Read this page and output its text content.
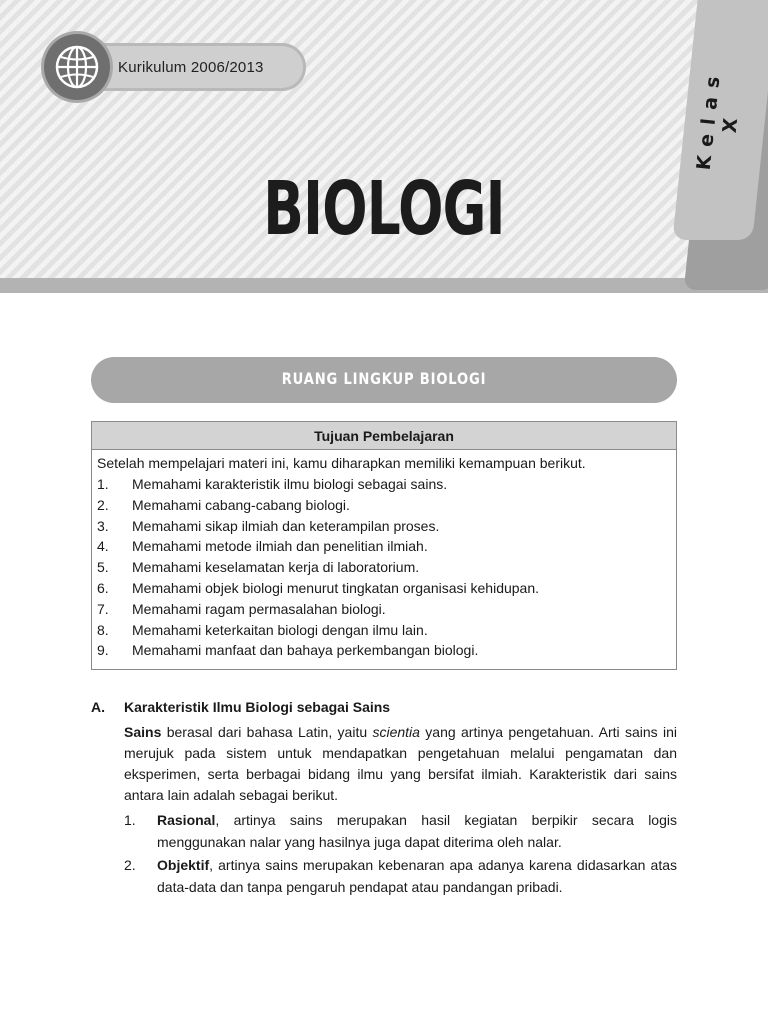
Kurikulum 2006/2013
BIOLOGI
Kelas X
RUANG LINGKUP BIOLOGI
Tujuan Pembelajaran
Setelah mempelajari materi ini, kamu diharapkan memiliki kemampuan berikut.
1. Memahami karakteristik ilmu biologi sebagai sains.
2. Memahami cabang-cabang biologi.
3. Memahami sikap ilmiah dan keterampilan proses.
4. Memahami metode ilmiah dan penelitian ilmiah.
5. Memahami keselamatan kerja di laboratorium.
6. Memahami objek biologi menurut tingkatan organisasi kehidupan.
7. Memahami ragam permasalahan biologi.
8. Memahami keterkaitan biologi dengan ilmu lain.
9. Memahami manfaat dan bahaya perkembangan biologi.
A. Karakteristik Ilmu Biologi sebagai Sains

Sains berasal dari bahasa Latin, yaitu scientia yang artinya pengetahuan. Arti sains ini merujuk pada sistem untuk mendapatkan pengetahuan melalui pengamatan dan eksperimen, serta berbagai bidang ilmu yang bersifat ilmiah. Karakteristik dari sains antara lain adalah sebagai berikut.

1. Rasional, artinya sains merupakan hasil kegiatan berpikir secara logis menggunakan nalar yang hasilnya juga dapat diterima oleh nalar.
2. Objektif, artinya sains merupakan kebenaran apa adanya karena didasarkan atas data-data dan tanpa pengaruh pendapat atau pandangan pribadi.
